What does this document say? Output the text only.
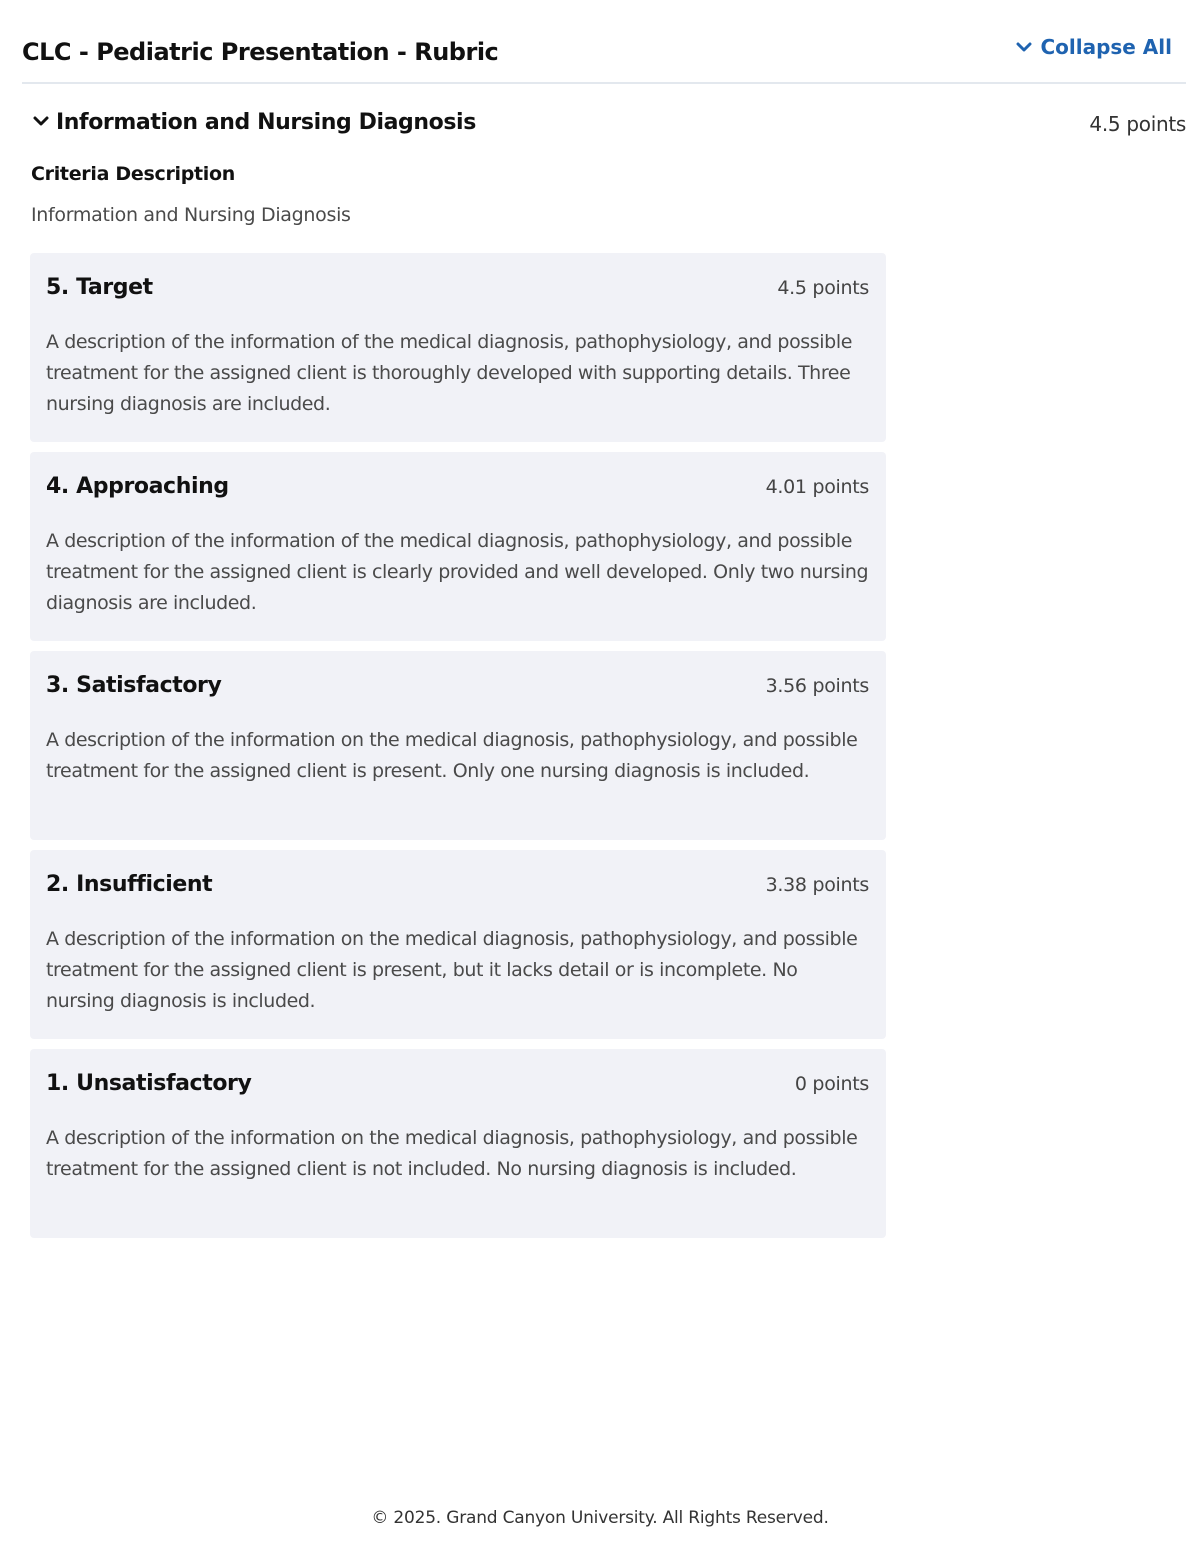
CLC - Pediatric Presentation - Rubric	Collapse All
Information and Nursing Diagnosis	4.5 points
Criteria Description
Information and Nursing Diagnosis
5. Target	4.5 points
A description of the information of the medical diagnosis, pathophysiology, and possible treatment for the assigned client is thoroughly developed with supporting details. Three nursing diagnosis are included.
4. Approaching	4.01 points
A description of the information of the medical diagnosis, pathophysiology, and possible treatment for the assigned client is clearly provided and well developed. Only two nursing diagnosis are included.
3. Satisfactory	3.56 points
A description of the information on the medical diagnosis, pathophysiology, and possible treatment for the assigned client is present. Only one nursing diagnosis is included.
2. Insufficient	3.38 points
A description of the information on the medical diagnosis, pathophysiology, and possible treatment for the assigned client is present, but it lacks detail or is incomplete. No nursing diagnosis is included.
1. Unsatisfactory	0 points
A description of the information on the medical diagnosis, pathophysiology, and possible treatment for the assigned client is not included. No nursing diagnosis is included.
© 2025. Grand Canyon University. All Rights Reserved.
